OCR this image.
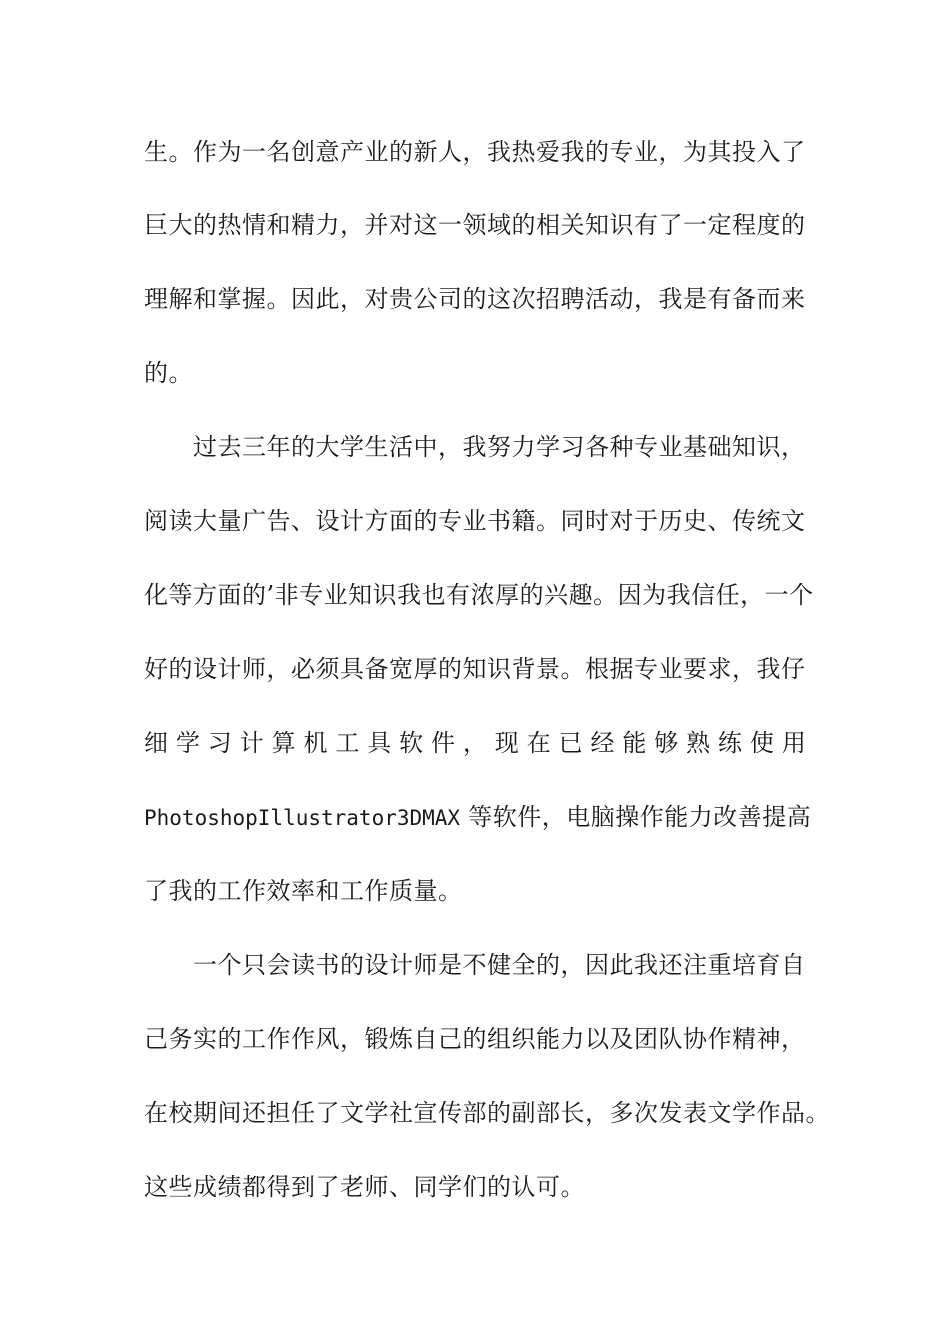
生。作为一名创意产业的新人，我热爱我的专业，为其投入了
巨大的热情和精力，并对这一领域的相关知识有了一定程度的
理解和掌握。因此，对贵公司的这次招聘活动，我是有备而来
的。
　　过去三年的大学生活中，我努力学习各种专业基础知识，
阅读大量广告、设计方面的专业书籍。同时对于历史、传统文
化等方面的’非专业知识我也有浓厚的兴趣。因为我信任，一个
好的设计师，必须具备宽厚的知识背景。根据专业要求，我仔
细 学 习 计 算 机 工 具 软 件 ， 现 在 已 经 能 够 熟 练 使 用
PhotoshopIllustrator3DMAX 等软件，电脑操作能力改善提高
了我的工作效率和工作质量。
　　一个只会读书的设计师是不健全的，因此我还注重培育自
己务实的工作作风，锻炼自己的组织能力以及团队协作精神，
在校期间还担任了文学社宣传部的副部长，多次发表文学作品。
这些成绩都得到了老师、同学们的认可。
